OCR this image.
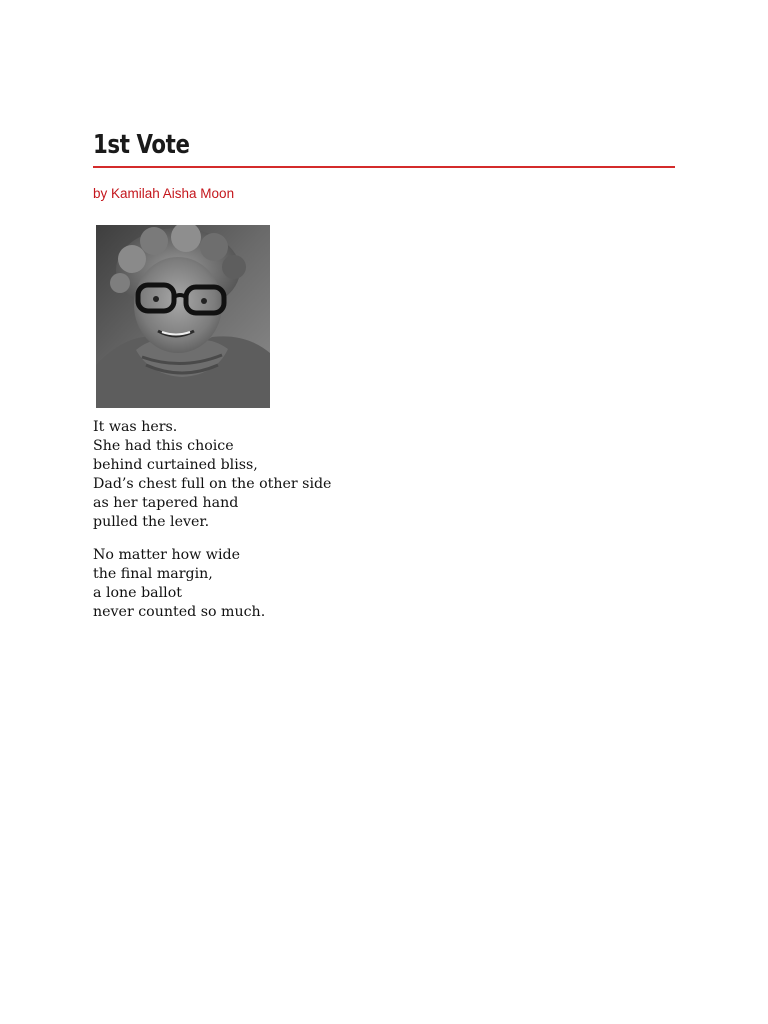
1st Vote
by Kamilah Aisha Moon
It was hers.
She had this choice
behind curtained bliss,
Dad’s chest full on the other side
as her tapered hand
pulled the lever.
No matter how wide
the final margin,
a lone ballot
never counted so much.
